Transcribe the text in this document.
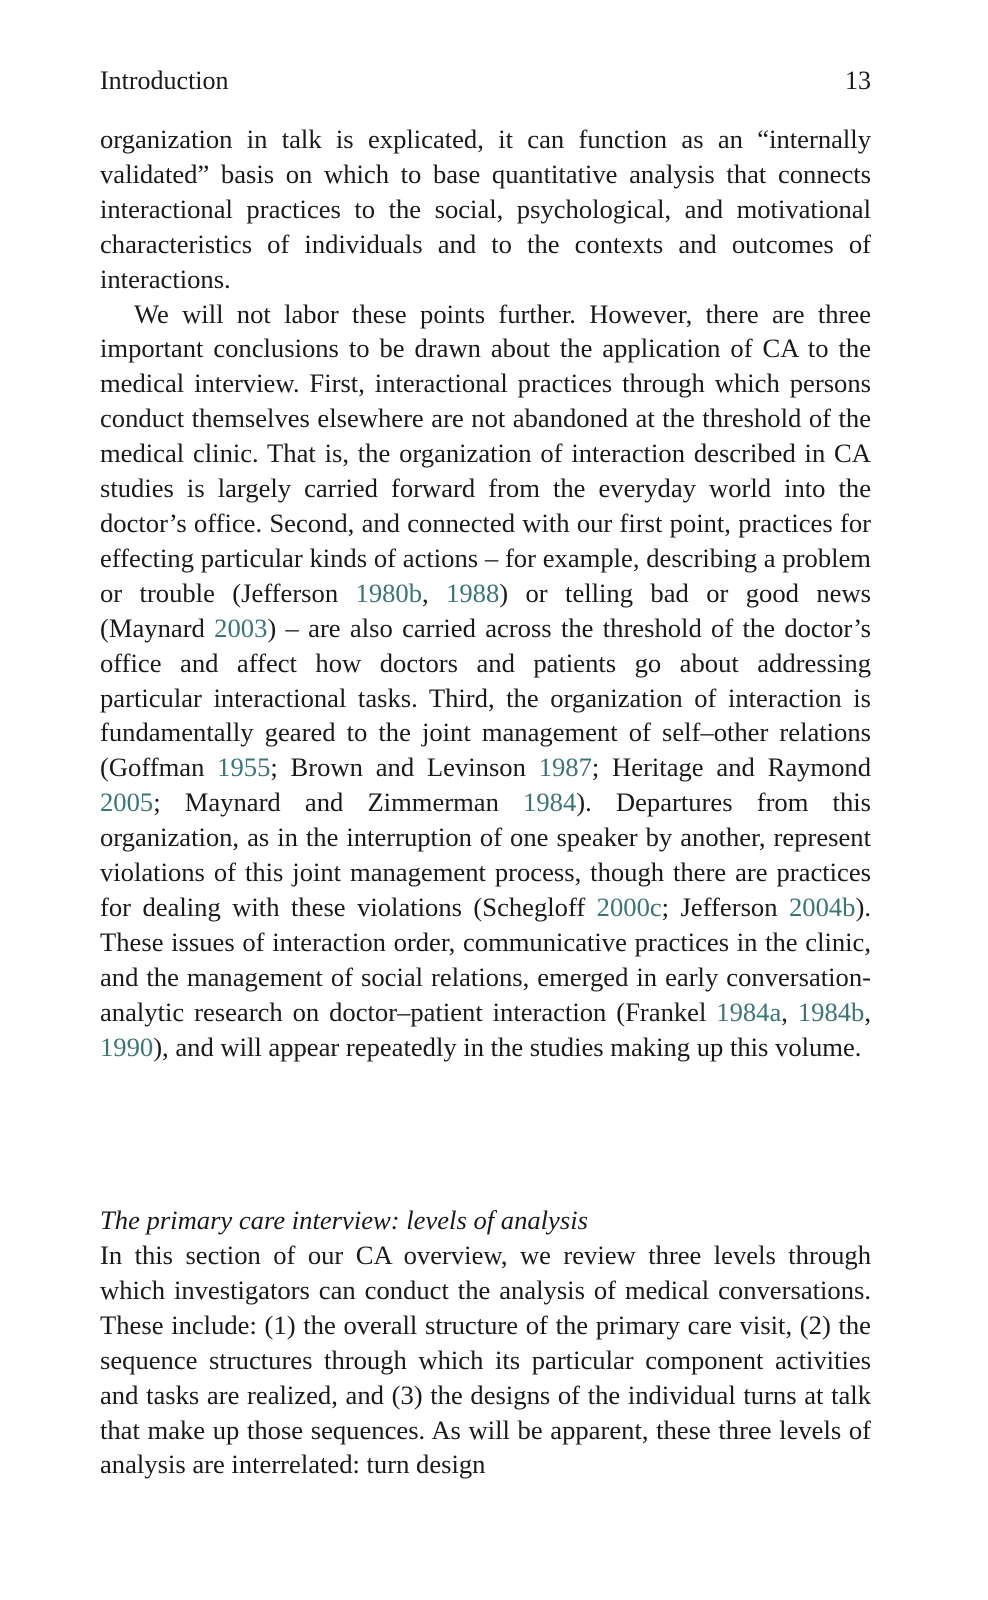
Introduction	13

organization in talk is explicated, it can function as an “internally validated” basis on which to base quantitative analysis that connects interactional practices to the social, psychological, and motivational characteristics of individuals and to the contexts and outcomes of interactions.

We will not labor these points further. However, there are three important conclusions to be drawn about the application of CA to the medical interview. First, interactional practices through which persons conduct themselves elsewhere are not abandoned at the threshold of the medical clinic. That is, the organization of interaction described in CA studies is largely carried forward from the everyday world into the doctor’s office. Second, and connected with our first point, practices for effecting particular kinds of actions – for example, describing a problem or trouble (Jefferson 1980b, 1988) or telling bad or good news (Maynard 2003) – are also carried across the threshold of the doctor’s office and affect how doctors and patients go about addressing particular interactional tasks. Third, the organization of interaction is fundamentally geared to the joint management of self–other relations (Goffman 1955; Brown and Levinson 1987; Heritage and Raymond 2005; Maynard and Zimmerman 1984). Departures from this organization, as in the interruption of one speaker by another, represent violations of this joint management process, though there are practices for dealing with these violations (Schegloff 2000c; Jefferson 2004b). These issues of interaction order, communicative practices in the clinic, and the management of social relations, emerged in early conversation-analytic research on doctor–patient interaction (Frankel 1984a, 1984b, 1990), and will appear repeatedly in the studies making up this volume.

The primary care interview: levels of analysis

In this section of our CA overview, we review three levels through which investigators can conduct the analysis of medical conversations. These include: (1) the overall structure of the primary care visit, (2) the sequence structures through which its particular component activities and tasks are realized, and (3) the designs of the individual turns at talk that make up those sequences. As will be apparent, these three levels of analysis are interrelated: turn design
